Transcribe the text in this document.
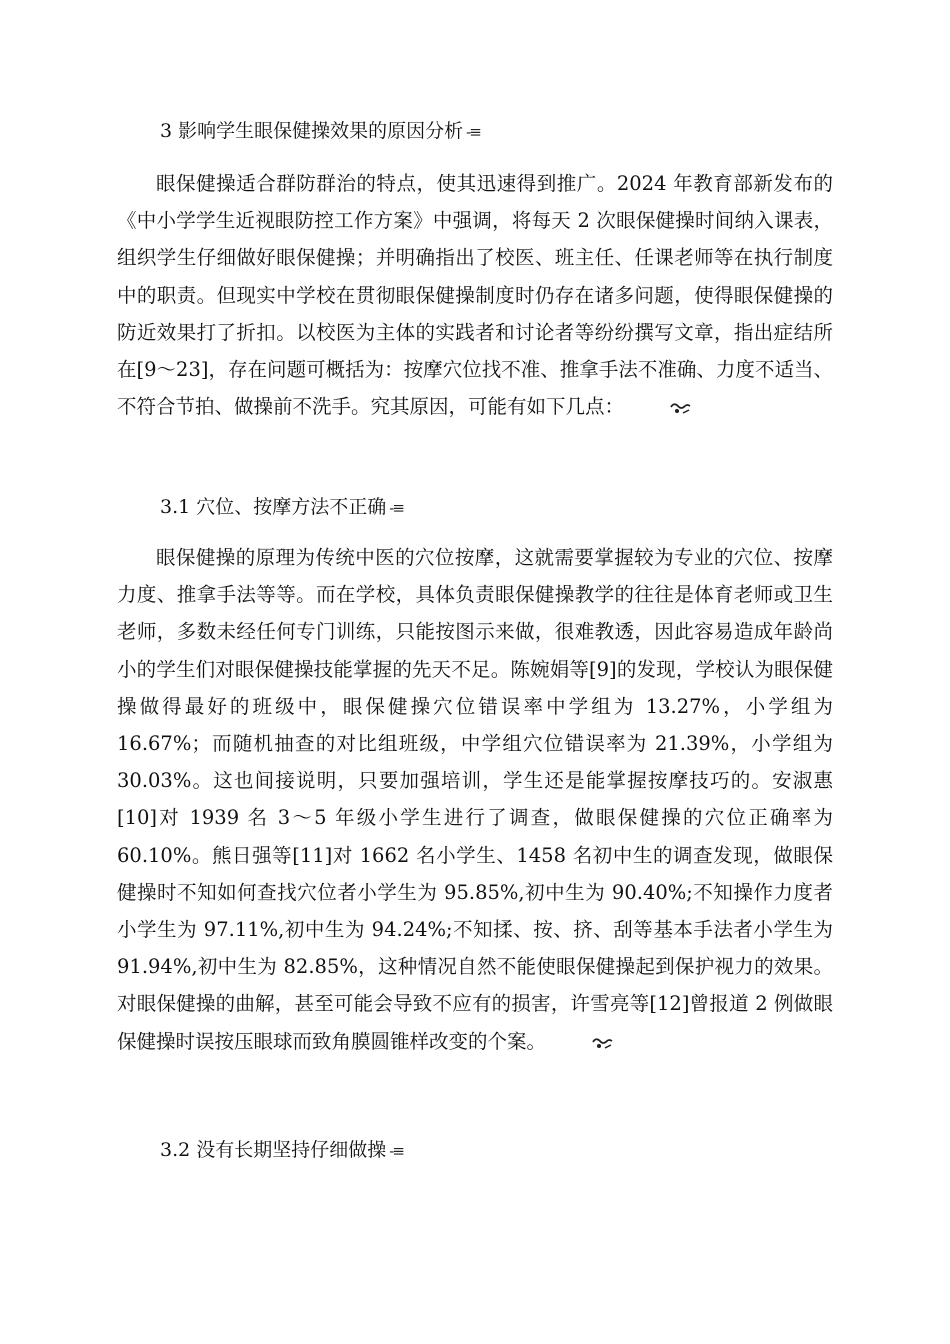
3 影响学生眼保健操效果的原因分析 -≡
眼保健操适合群防群治的特点，使其迅速得到推广。2024 年教育部新发布的《中小学学生近视眼防控工作方案》中强调，将每天 2 次眼保健操时间纳入课表，组织学生仔细做好眼保健操；并明确指出了校医、班主任、任课老师等在执行制度中的职责。但现实中学校在贯彻眼保健操制度时仍存在诸多问题，使得眼保健操的防近效果打了折扣。以校医为主体的实践者和讨论者等纷纷撰写文章，指出症结所在[9～23]，存在问题可概括为：按摩穴位找不准、推拿手法不准确、力度不适当、不符合节拍、做操前不洗手。究其原因，可能有如下几点：
3.1 穴位、按摩方法不正确 -≡
眼保健操的原理为传统中医的穴位按摩，这就需要掌握较为专业的穴位、按摩力度、推拿手法等等。而在学校，具体负责眼保健操教学的往往是体育老师或卫生老师，多数未经任何专门训练，只能按图示来做，很难教透，因此容易造成年龄尚小的学生们对眼保健操技能掌握的先天不足。陈婉娟等[9]的发现，学校认为眼保健操做得最好的班级中，眼保健操穴位错误率中学组为 13.27%，小学组为 16.67%；而随机抽查的对比组班级，中学组穴位错误率为 21.39%，小学组为 30.03%。这也间接说明，只要加强培训，学生还是能掌握按摩技巧的。安淑惠[10]对 1939 名 3～5 年级小学生进行了调查，做眼保健操的穴位正确率为 60.10%。熊日强等[11]对 1662 名小学生、1458 名初中生的调查发现，做眼保健操时不知如何查找穴位者小学生为 95.85%,初中生为 90.40%;不知操作力度者小学生为 97.11%,初中生为 94.24%;不知揉、按、挤、刮等基本手法者小学生为 91.94%,初中生为 82.85%，这种情况自然不能使眼保健操起到保护视力的效果。对眼保健操的曲解，甚至可能会导致不应有的损害，许雪亮等[12]曾报道 2 例做眼保健操时误按压眼球而致角膜圆锥样改变的个案。
3.2 没有长期坚持仔细做操 -≡
